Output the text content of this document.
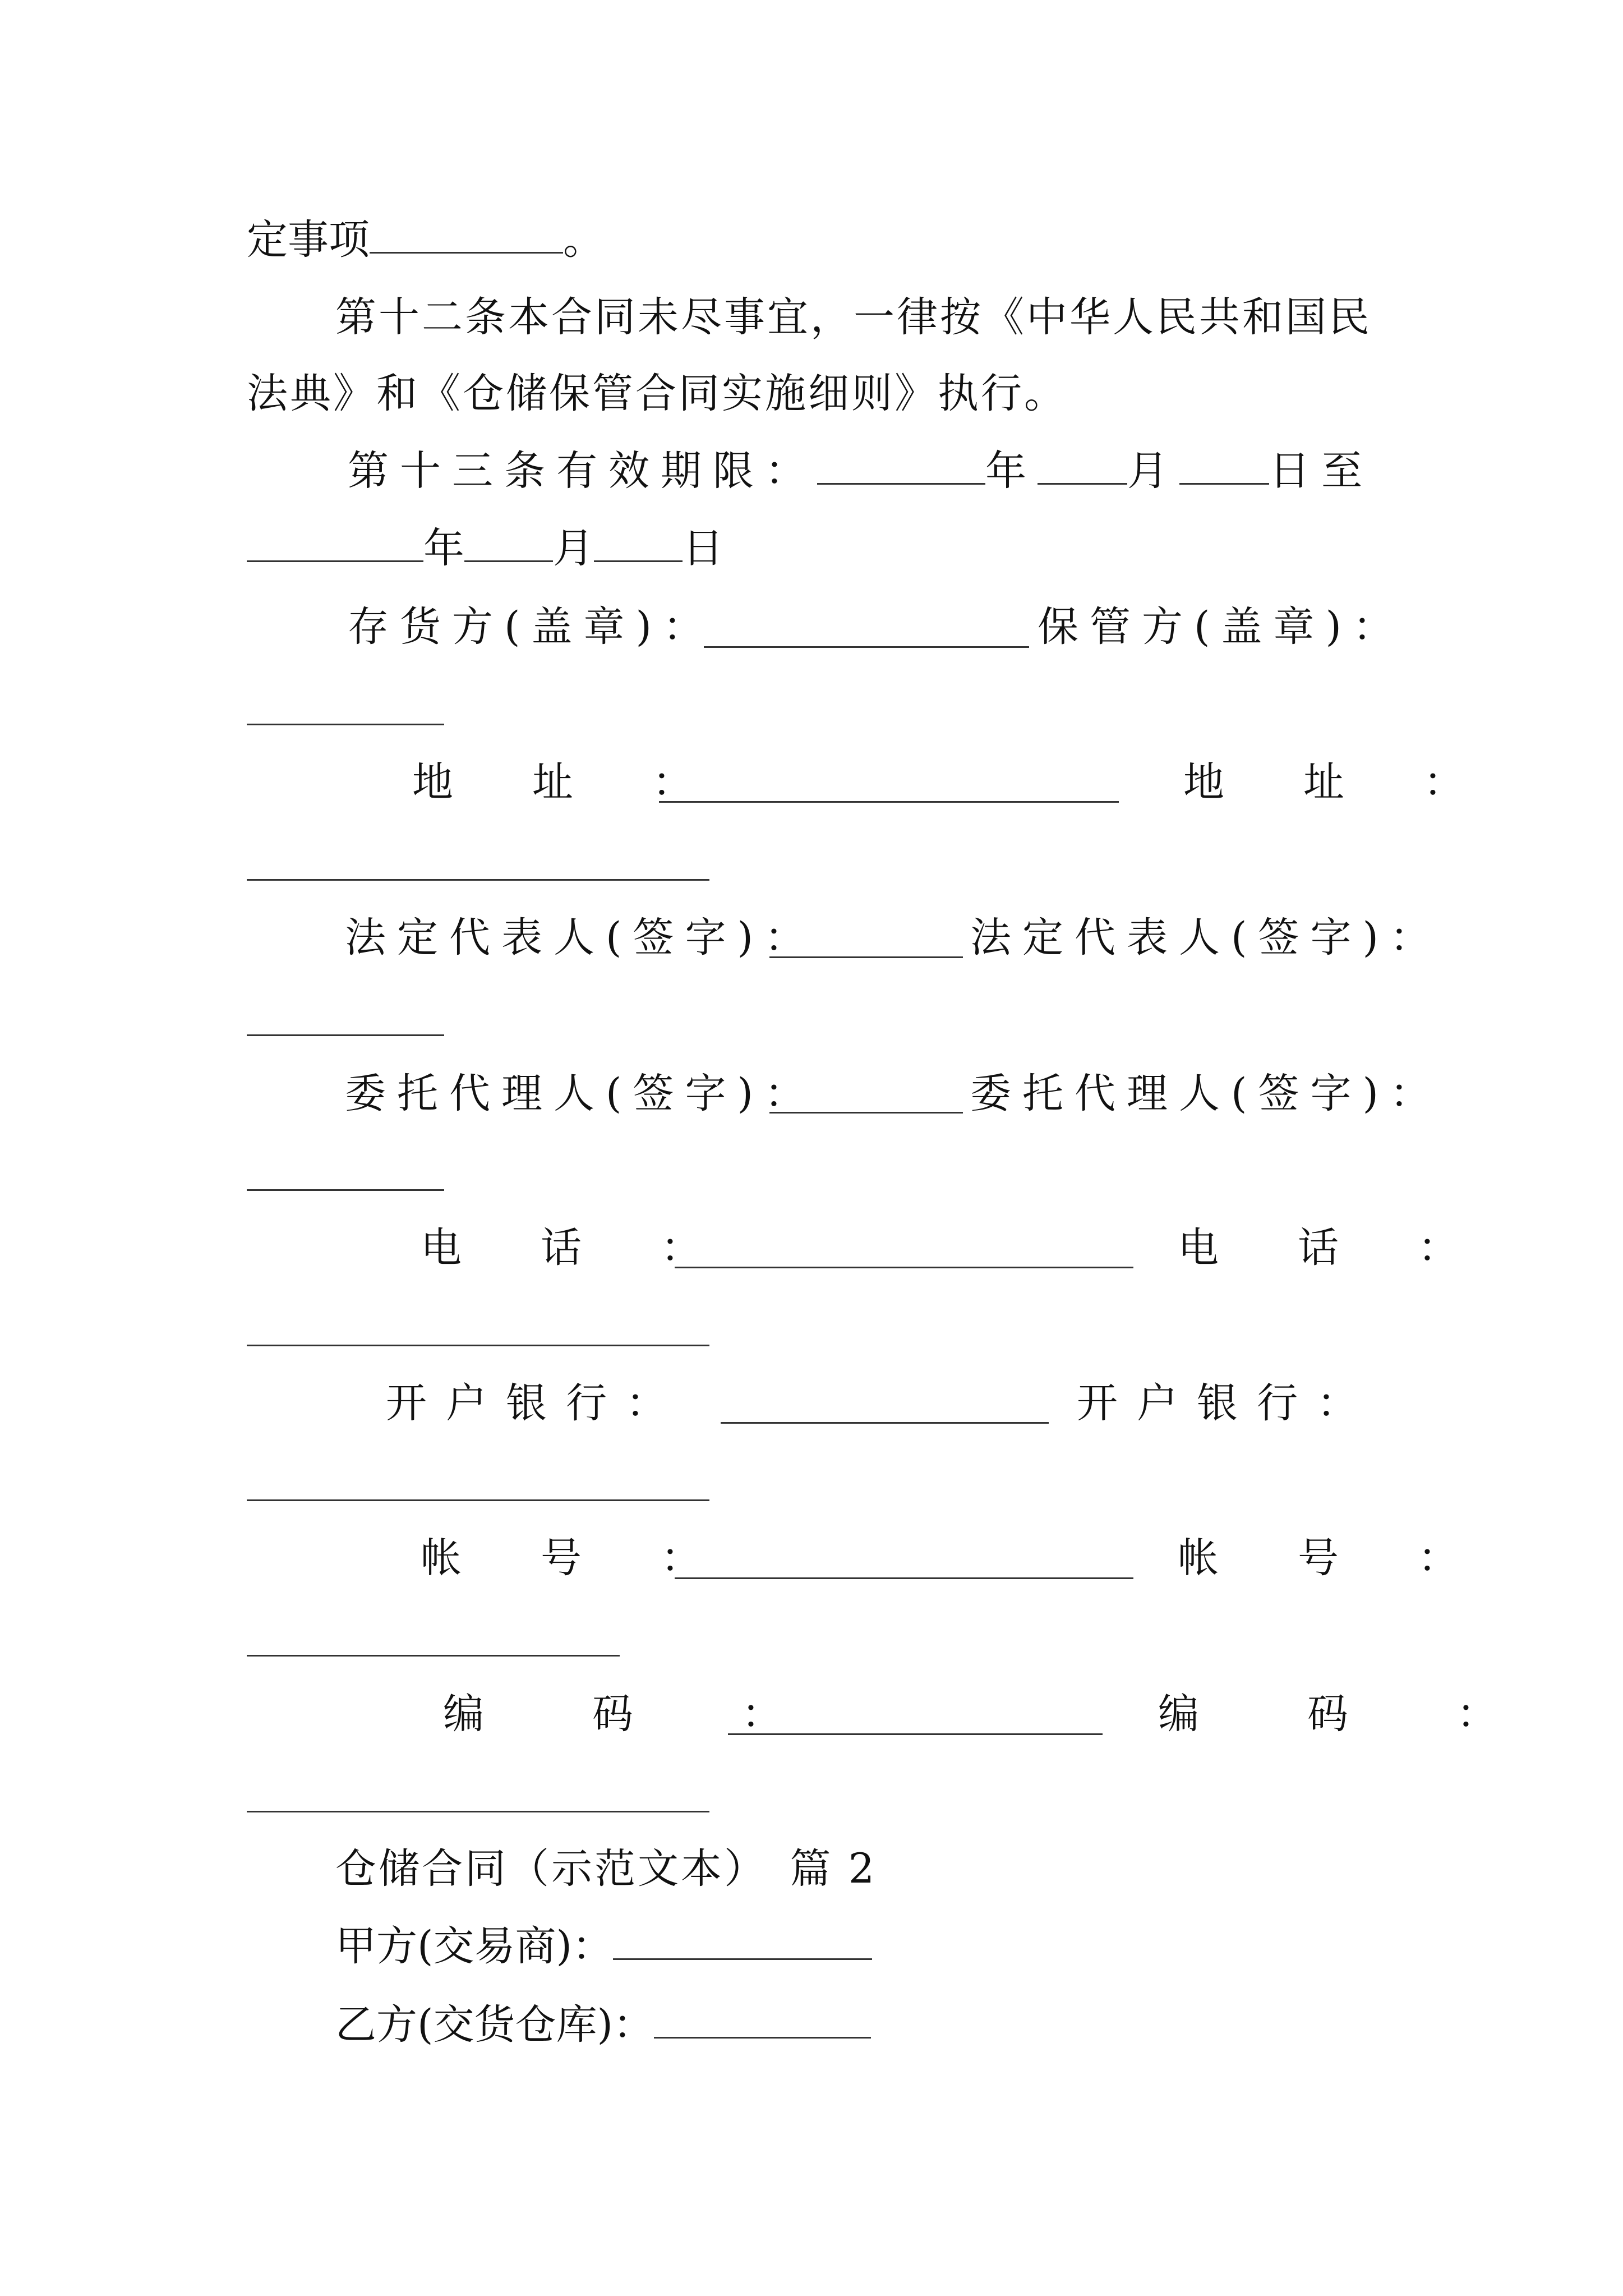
定事项	。
第十二条本合同未尽事宜，一律按《中华人民共和国民
法典》和《仓储保管合同实施细则》执行。
第十三条有效期限：	年 月 日至
年 月 日
存货方(盖章)：	保管方(盖章)：
地　址　：	地　址　：
法定代表人(签字)：	法定代表人(签字)：
委托代理人(签字)：	委托代理人(签字)：
电　话　：	电　话　：
开户银行：	开户银行：
帐　号　：	帐　号　：
编　码　：	编　码　：
仓储合同（示范文本）　篇 2
甲方(交易商)：
乙方(交货仓库)：
